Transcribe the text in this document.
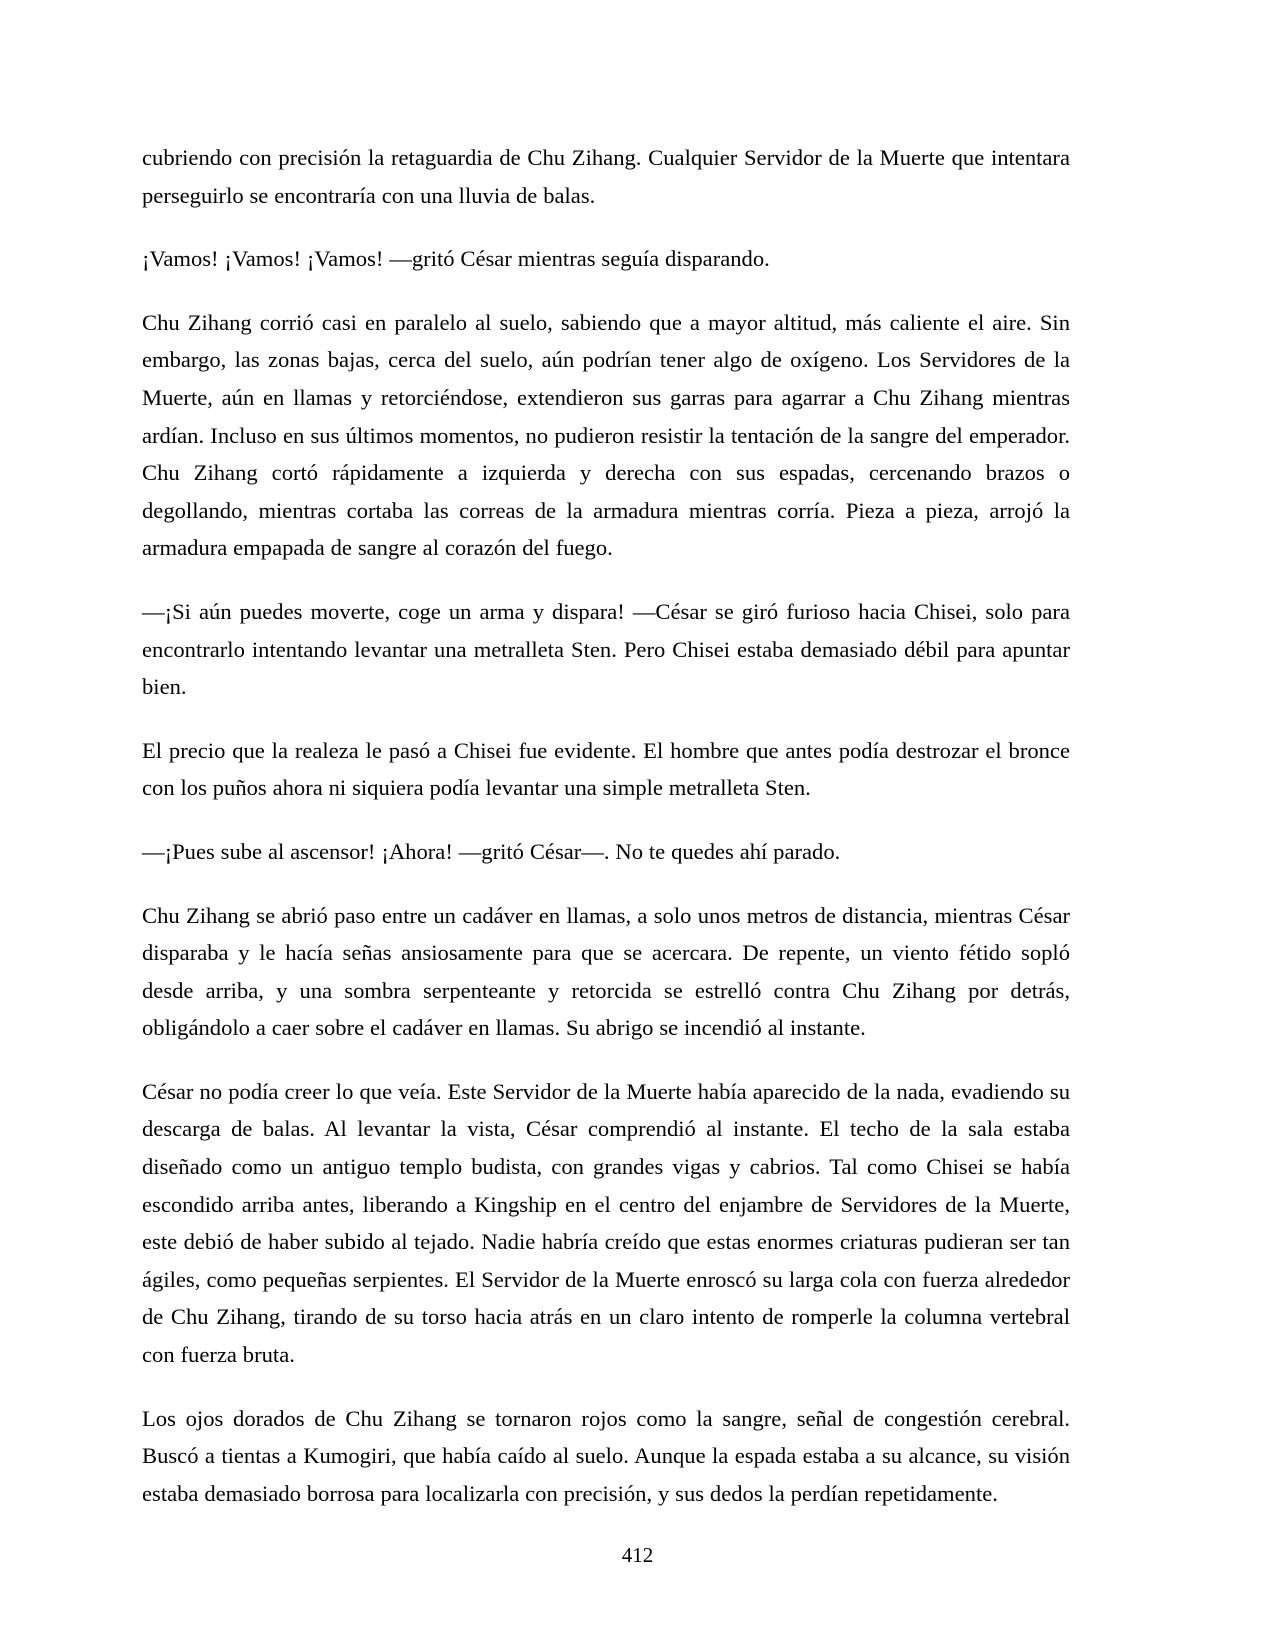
cubriendo con precisión la retaguardia de Chu Zihang. Cualquier Servidor de la Muerte que intentara perseguirlo se encontraría con una lluvia de balas.

¡Vamos! ¡Vamos! ¡Vamos! —gritó César mientras seguía disparando.

Chu Zihang corrió casi en paralelo al suelo, sabiendo que a mayor altitud, más caliente el aire. Sin embargo, las zonas bajas, cerca del suelo, aún podrían tener algo de oxígeno. Los Servidores de la Muerte, aún en llamas y retorciéndose, extendieron sus garras para agarrar a Chu Zihang mientras ardían. Incluso en sus últimos momentos, no pudieron resistir la tentación de la sangre del emperador. Chu Zihang cortó rápidamente a izquierda y derecha con sus espadas, cercenando brazos o degollando, mientras cortaba las correas de la armadura mientras corría. Pieza a pieza, arrojó la armadura empapada de sangre al corazón del fuego.

—¡Si aún puedes moverte, coge un arma y dispara! —César se giró furioso hacia Chisei, solo para encontrarlo intentando levantar una metralleta Sten. Pero Chisei estaba demasiado débil para apuntar bien.

El precio que la realeza le pasó a Chisei fue evidente. El hombre que antes podía destrozar el bronce con los puños ahora ni siquiera podía levantar una simple metralleta Sten.

—¡Pues sube al ascensor! ¡Ahora! —gritó César—. No te quedes ahí parado.

Chu Zihang se abrió paso entre un cadáver en llamas, a solo unos metros de distancia, mientras César disparaba y le hacía señas ansiosamente para que se acercara. De repente, un viento fétido sopló desde arriba, y una sombra serpenteante y retorcida se estrelló contra Chu Zihang por detrás, obligándolo a caer sobre el cadáver en llamas. Su abrigo se incendió al instante.

César no podía creer lo que veía. Este Servidor de la Muerte había aparecido de la nada, evadiendo su descarga de balas. Al levantar la vista, César comprendió al instante. El techo de la sala estaba diseñado como un antiguo templo budista, con grandes vigas y cabrios. Tal como Chisei se había escondido arriba antes, liberando a Kingship en el centro del enjambre de Servidores de la Muerte, este debió de haber subido al tejado. Nadie habría creído que estas enormes criaturas pudieran ser tan ágiles, como pequeñas serpientes. El Servidor de la Muerte enroscó su larga cola con fuerza alrededor de Chu Zihang, tirando de su torso hacia atrás en un claro intento de romperle la columna vertebral con fuerza bruta.

Los ojos dorados de Chu Zihang se tornaron rojos como la sangre, señal de congestión cerebral. Buscó a tientas a Kumogiri, que había caído al suelo. Aunque la espada estaba a su alcance, su visión estaba demasiado borrosa para localizarla con precisión, y sus dedos la perdían repetidamente.

412
